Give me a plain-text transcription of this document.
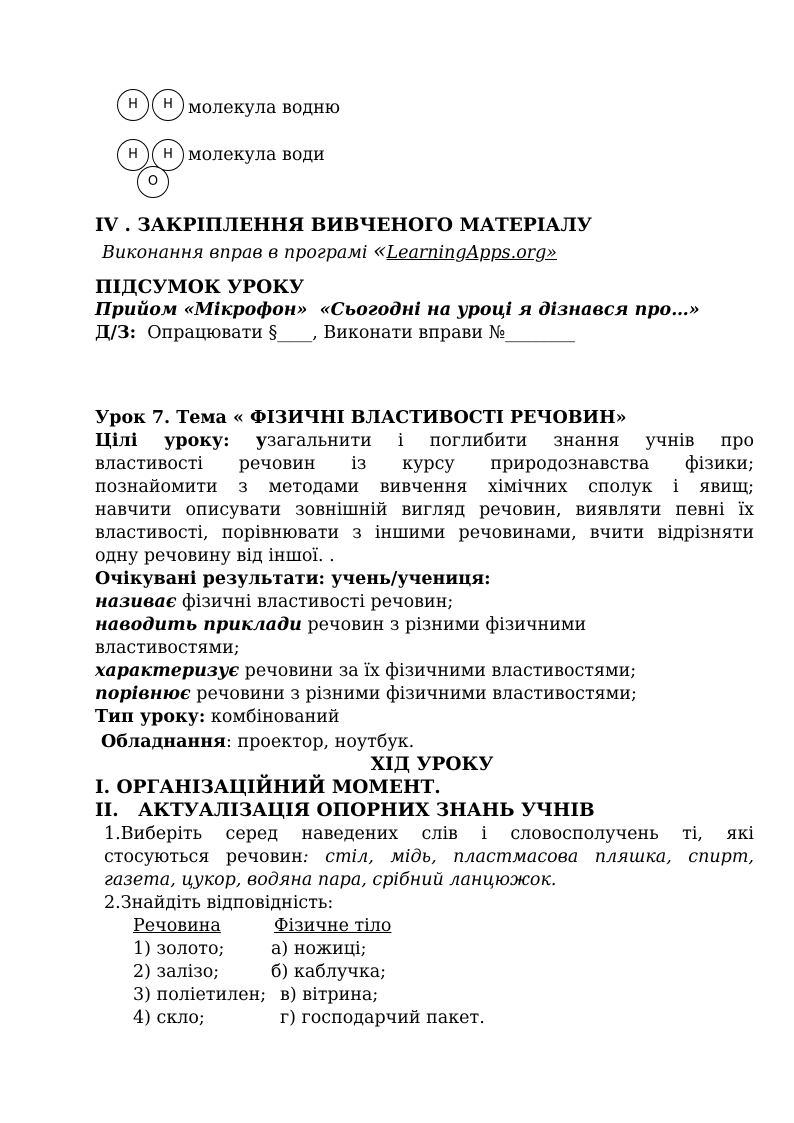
H	H молекула водню
H	H
O
молекула води
IV . ЗАКРІПЛЕННЯ ВИВЧЕНОГО МАТЕРІАЛУ
Виконання вправ в програмі «LearningApps.org»
ПІДСУМОК УРОКУ
Прийом «Мікрофон» «Сьогодні на уроці я дізнався про…»
Д/З: Опрацювати §____, Виконати вправи №________
Урок 7. Тема « ФІЗИЧНІ ВЛАСТИВОСТІ РЕЧОВИН»
Цілі уроку: узагальнити і поглибити знання учнів про
властивості речовин із курсу природознавства фізики;
познайомити з методами вивчення хімічних сполук і явищ;
навчити описувати зовнішній вигляд речовин, виявляти певні їх
властивості, порівнювати з іншими речовинами, вчити відрізняти
одну речовину від іншої. .
Очікувані результати: учень/учениця:
називає фізичні властивості речовин;
наводить приклади речовин з різними фізичними
властивостями;
характеризує речовини за їх фізичними властивостями;
порівнює речовини з різними фізичними властивостями;
Тип уроку: комбінований
Обладнання: проектор, ноутбук.
ХІД УРОКУ
І. ОРГАНІЗАЦІЙНИЙ МОМЕНТ.
ІІ. АКТУАЛІЗАЦІЯ ОПОРНИХ ЗНАНЬ УЧНІВ
1.Виберіть серед наведених слів і словосполучень ті, які
стосуються речовин: стіл, мідь, пластмасова пляшка, спирт,
газета, цукор, водяна пара, срібний ланцюжок.
2.Знайдіть відповідність:
Речовина	Фізичне тіло
1) золото;	а) ножиці;
2) залізо;	б) каблучка;
3) поліетилен; в) вітрина;
4) скло;	г) господарчий пакет.
